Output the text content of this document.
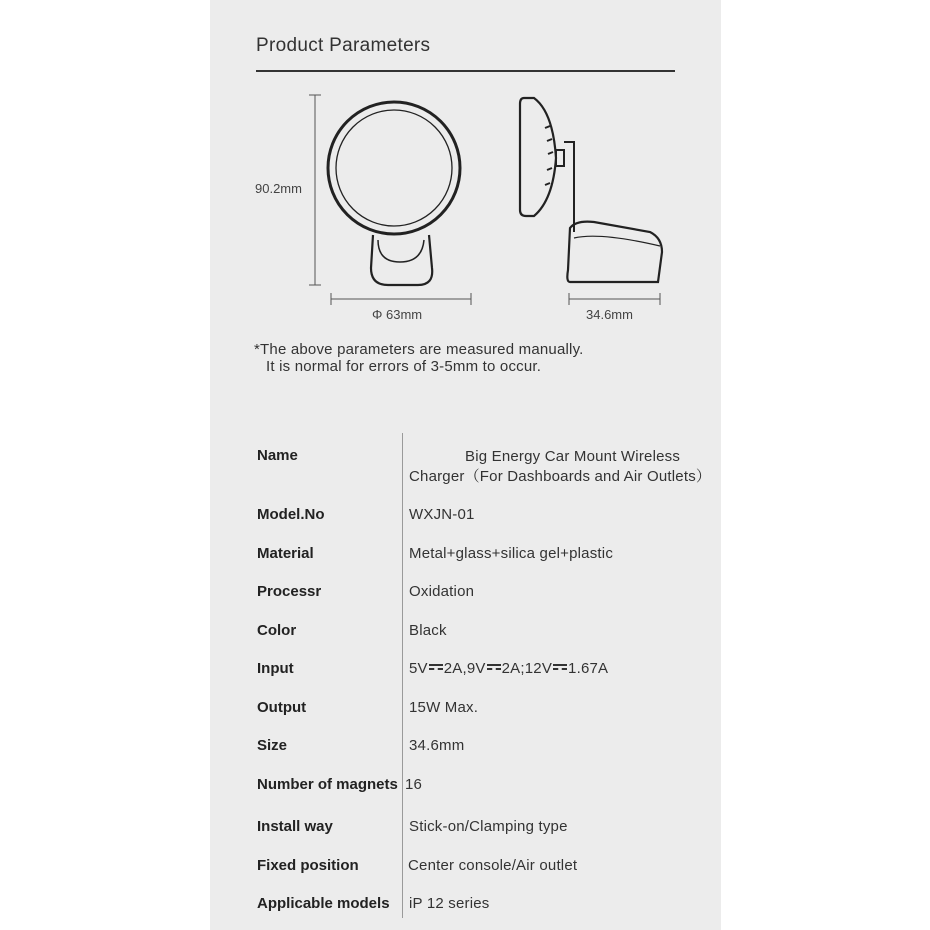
Product Parameters
90.2mm
Φ 63mm	34.6mm
*The above parameters are measured manually.
It is normal for errors of 3-5mm to occur.
Name	Big Energy Car Mount Wireless
Charger（For Dashboards and Air Outlets）
Model.No	WXJN-01
Material	Metal+glass+silica gel+plastic
Processr	Oxidation
Color	Black
Input	5V 2A,9V 2A;12V 1.67A
Output	15W Max.
Size	34.6mm
Number of magnets 16
Install way	Stick-on/Clamping type
Fixed position	Center console/Air outlet
Applicable models iP 12 series
